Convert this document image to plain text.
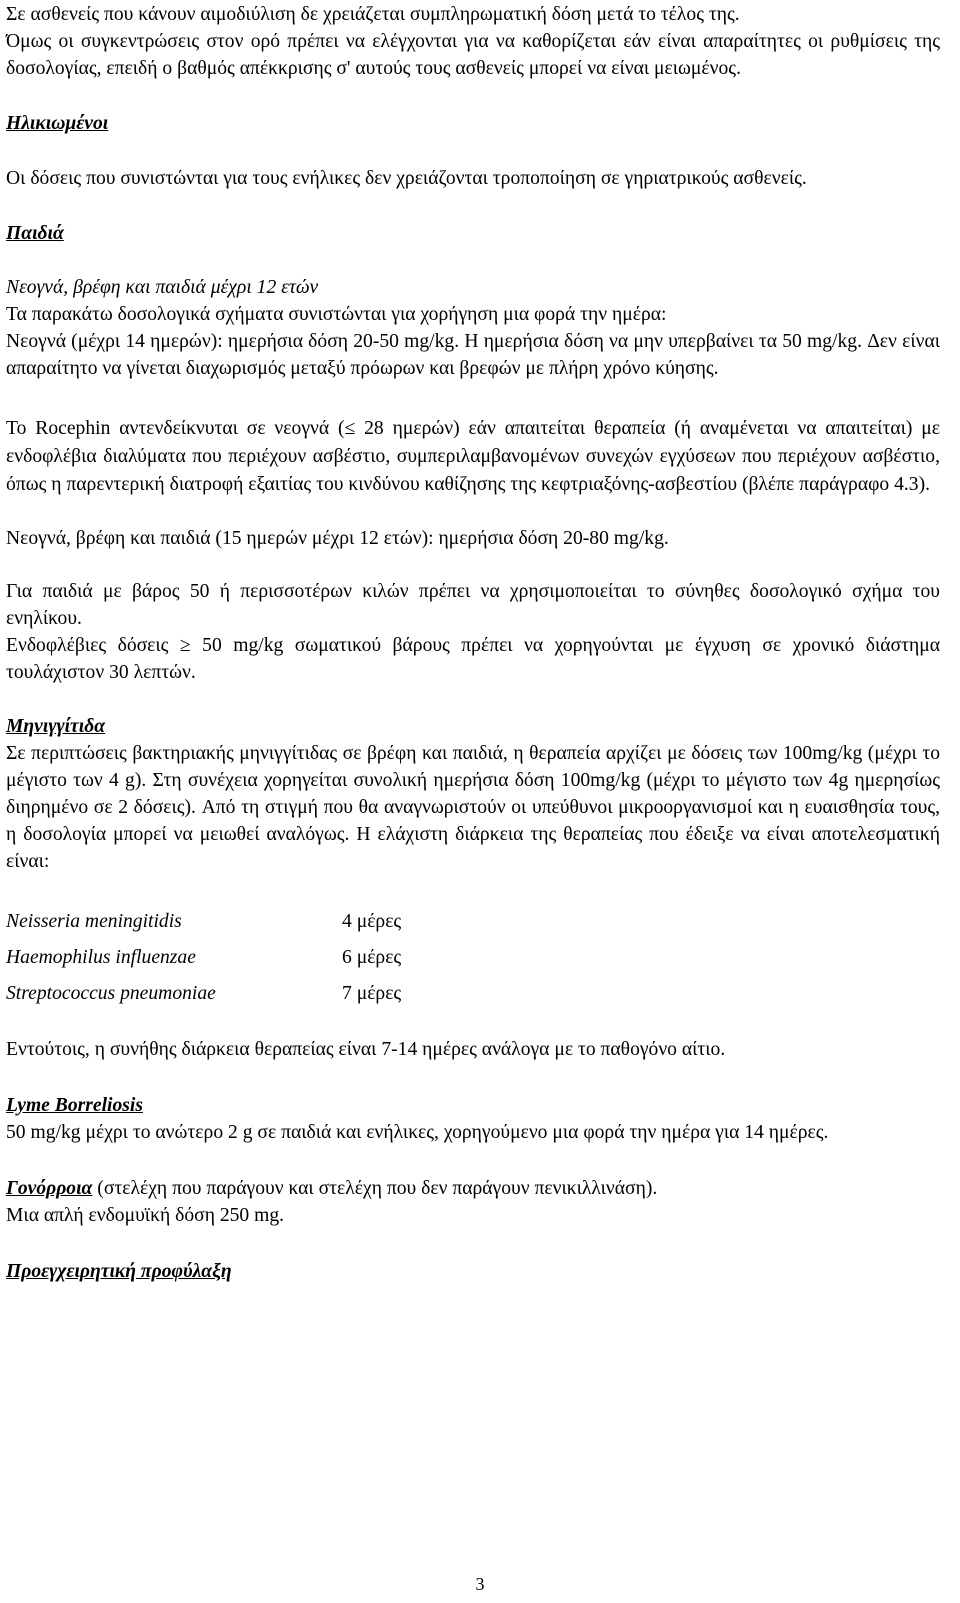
Σε ασθενείς που κάνουν αιμοδιύλιση δε χρειάζεται συμπληρωματική δόση μετά το τέλος της.

Όμως οι συγκεντρώσεις στον ορό πρέπει να ελέγχονται για να καθορίζεται εάν είναι απαραίτητες οι ρυθμίσεις της δοσολογίας, επειδή ο βαθμός απέκκρισης σ' αυτούς τους ασθενείς μπορεί να είναι μειωμένος.

Ηλικιωμένοι

Οι δόσεις που συνιστώνται για τους ενήλικες δεν χρειάζονται τροποποίηση σε γηριατρικούς ασθενείς.

Παιδιά

Νεογνά, βρέφη και παιδιά μέχρι 12 ετών

Τα παρακάτω δοσολογικά σχήματα συνιστώνται για χορήγηση μια φορά την ημέρα:

Νεογνά (μέχρι 14 ημερών): ημερήσια δόση 20-50 mg/kg. Η ημερήσια δόση να μην υπερβαίνει τα 50 mg/kg. Δεν είναι απαραίτητο να γίνεται διαχωρισμός μεταξύ πρόωρων και βρεφών με πλήρη χρόνο κύησης.

Το Rocephin αντενδείκνυται σε νεογνά (≤ 28 ημερών) εάν απαιτείται θεραπεία (ή αναμένεται να απαιτείται) με ενδοφλέβια διαλύματα που περιέχουν ασβέστιο, συμπεριλαμβανομένων συνεχών εγχύσεων που περιέχουν ασβέστιο, όπως η παρεντερική διατροφή εξαιτίας του κινδύνου καθίζησης της κεφτριαξόνης-ασβεστίου (βλέπε παράγραφο 4.3).

Νεογνά, βρέφη και παιδιά (15 ημερών μέχρι 12 ετών): ημερήσια δόση 20-80 mg/kg.

Για παιδιά με βάρος 50 ή περισσοτέρων κιλών πρέπει να χρησιμοποιείται το σύνηθες δοσολογικό σχήμα του ενηλίκου.

Ενδοφλέβιες δόσεις ≥ 50 mg/kg σωματικού βάρους πρέπει να χορηγούνται με έγχυση σε χρονικό διάστημα τουλάχιστον 30 λεπτών.

Μηνιγγίτιδα

Σε περιπτώσεις βακτηριακής μηνιγγίτιδας σε βρέφη και παιδιά, η θεραπεία αρχίζει με δόσεις των 100mg/kg (μέχρι το μέγιστο των 4 g). Στη συνέχεια χορηγείται συνολική ημερήσια δόση 100mg/kg (μέχρι το μέγιστο των 4g ημερησίως διηρημένο σε 2 δόσεις). Από τη στιγμή που θα αναγνωριστούν οι υπεύθυνοι μικροοργανισμοί και η ευαισθησία τους, η δοσολογία μπορεί να μειωθεί αναλόγως. Η ελάχιστη διάρκεια της θεραπείας που έδειξε να είναι αποτελεσματική είναι:

Neisseria meningitidis	4 μέρες
Haemophilus influenzae	6 μέρες
Streptococcus pneumoniae	7 μέρες

Εντούτοις, η συνήθης διάρκεια θεραπείας είναι 7-14 ημέρες ανάλογα με το παθογόνο αίτιο.

Lyme Borreliosis

50 mg/kg μέχρι το ανώτερο 2 g σε παιδιά και ενήλικες, χορηγούμενο μια φορά την ημέρα για 14 ημέρες.

Γονόρροια (στελέχη που παράγουν και στελέχη που δεν παράγουν πενικιλλινάση).

Μια απλή ενδομυϊκή δόση 250 mg.

Προεγχειρητική προφύλαξη

3
